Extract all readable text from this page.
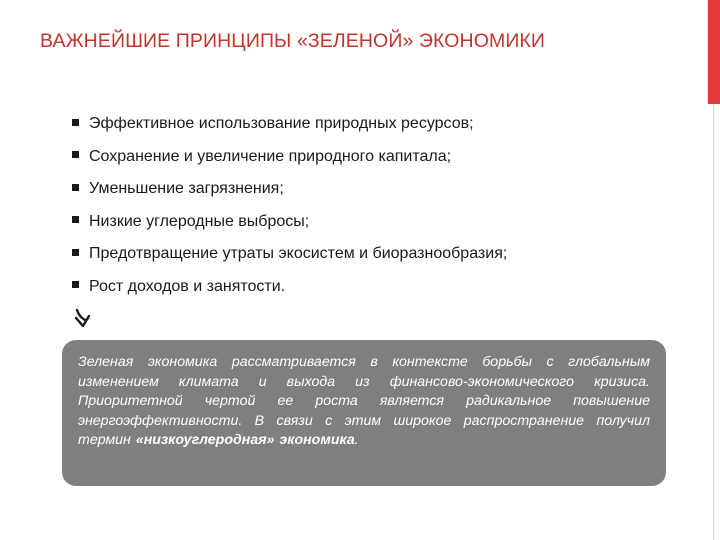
ВАЖНЕЙШИЕ ПРИНЦИПЫ «ЗЕЛЕНОЙ» ЭКОНОМИКИ
Эффективное использование природных ресурсов;
Сохранение и увеличение природного капитала;
Уменьшение загрязнения;
Низкие углеродные выбросы;
Предотвращение утраты экосистем и биоразнообразия;
Рост доходов и занятости.

Зеленая экономика рассматривается в контексте борьбы с глобальным изменением климата и выхода из финансово-экономического кризиса. Приоритетной чертой ее роста является радикальное повышение энергоэффективности. В связи с этим широкое распространение получил термин «низкоуглеродная» экономика.
